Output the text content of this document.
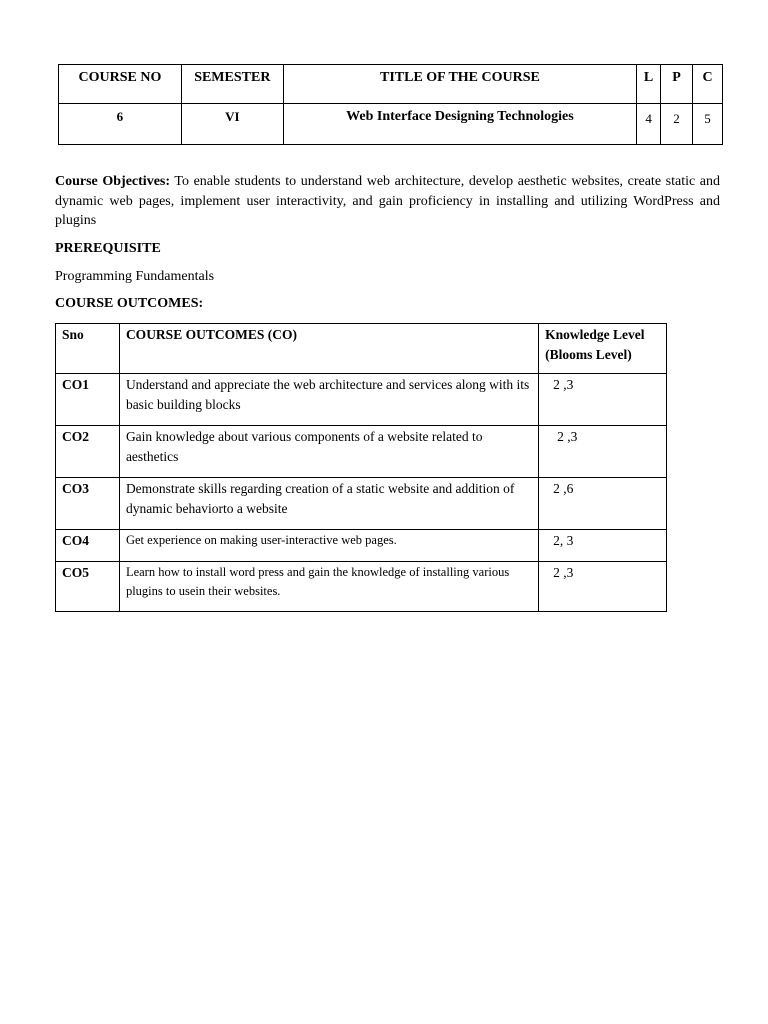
COURSE NO	SEMESTER	TITLE OF THE COURSE	L	P	C
6	VI	Web Interface Designing Technologies	4	2	5
Course Objectives: To enable students to understand web architecture, develop aesthetic websites, create static and dynamic web pages, implement user interactivity, and gain proficiency in installing and utilizing WordPress and plugins
PREREQUISITE
Programming Fundamentals
COURSE OUTCOMES:
Sno	COURSE OUTCOMES (CO)	Knowledge Level (Blooms Level)
CO1	Understand and appreciate the web architecture and services along with its basic building blocks	2 ,3
CO2	Gain knowledge about various components of a website related to aesthetics	2 ,3
CO3	Demonstrate skills regarding creation of a static website and addition of dynamic behaviorto a website	2 ,6
CO4	Get experience on making user-interactive web pages.	2, 3
CO5	Learn how to install word press and gain the knowledge of installing various plugins to usein their websites.	2 ,3
